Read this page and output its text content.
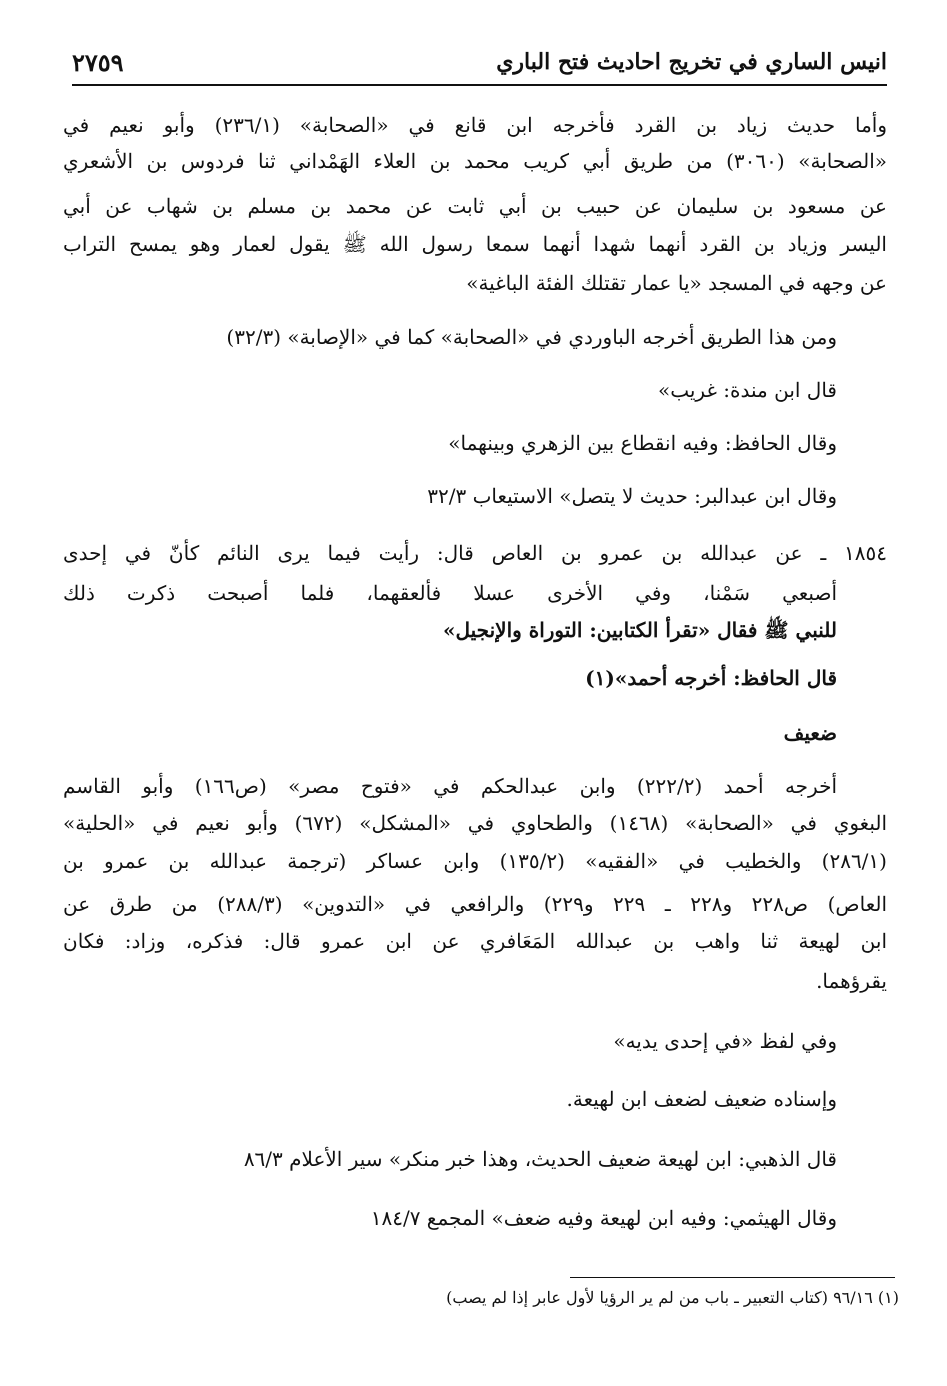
انيس الساري في تخريج احاديث فتح الباري
٢٧٥٩
وأما حديث زياد بن القرد فأخرجه ابن قانع في «الصحابة» (٢٣٦/١) وأبو نعيم في
«الصحابة» (٣٠٦٠) من طريق أبي كريب محمد بن العلاء الهَمْداني ثنا فردوس بن الأشعري
عن مسعود بن سليمان عن حبيب بن أبي ثابت عن محمد بن مسلم بن شهاب عن أبي
اليسر وزياد بن القرد أنهما شهدا أنهما سمعا رسول الله ﷺ يقول لعمار وهو يمسح التراب
عن وجهه في المسجد «يا عمار تقتلك الفئة الباغية»
ومن هذا الطريق أخرجه الباوردي في «الصحابة» كما في «الإصابة» (٣٢/٣)
قال ابن مندة: غريب»
وقال الحافظ: وفيه انقطاع بين الزهري وبينهما»
وقال ابن عبدالبر: حديث لا يتصل» الاستيعاب ٣٢/٣
١٨٥٤ ـ عن عبدالله بن عمرو بن العاص قال: رأيت فيما يرى النائم كأنّ في إحدى
أصبعي سَمْنا، وفي الأخرى عسلا فألعقهما، فلما أصبحت ذكرت ذلك
للنبي ﷺ فقال «تقرأ الكتابين: التوراة والإنجيل»
قال الحافظ: أخرجه أحمد»(١)
ضعيف
أخرجه أحمد (٢٢٢/٢) وابن عبدالحكم في «فتوح مصر» (ص١٦٦) وأبو القاسم
البغوي في «الصحابة» (١٤٦٨) والطحاوي في «المشكل» (٦٧٢) وأبو نعيم في «الحلية»
(٢٨٦/١) والخطيب في «الفقيه» (١٣٥/٢) وابن عساكر (ترجمة عبدالله بن عمرو بن
العاص) ص٢٢٨ و٢٢٨ ـ ٢٢٩ و٢٢٩) والرافعي في «التدوين» (٢٨٨/٣) من طرق عن
ابن لهيعة ثنا واهب بن عبدالله المَعَافري عن ابن عمرو قال: فذكره، وزاد: فكان
يقرؤهما.
وفي لفظ «في إحدى يديه»
وإسناده ضعيف لضعف ابن لهيعة.
قال الذهبي: ابن لهيعة ضعيف الحديث، وهذا خبر منكر» سير الأعلام ٨٦/٣
وقال الهيثمي: وفيه ابن لهيعة وفيه ضعف» المجمع ١٨٤/٧
(١) ٩٦/١٦ (كتاب التعبير ـ باب من لم ير الرؤيا لأول عابر إذا لم يصب)
